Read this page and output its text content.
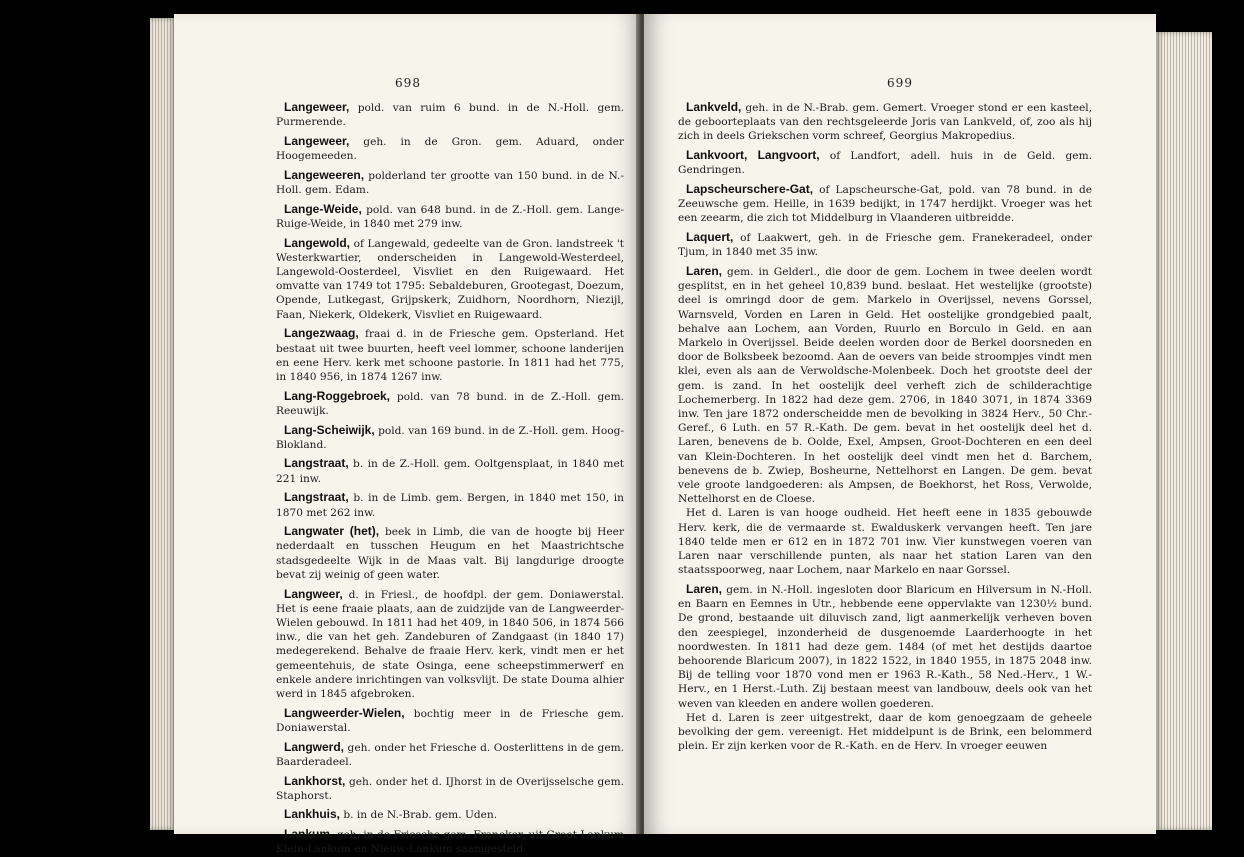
698

Langeweer, pold. van ruim 6 bund. in de N.-Holl. gem. Purmerende.

Langeweer, geh. in de Gron. gem. Aduard, onder Hoogemeeden.

Langeweeren, polderland ter grootte van 150 bund. in de N.-Holl. gem. Edam.

Lange-Weide, pold. van 648 bund. in de Z.-Holl. gem. Lange-Ruige-Weide, in 1840 met 279 inw.

Langewold, of Langewald, gedeelte van de Gron. landstreek 't Westerkwartier, onderscheiden in Langewold-Westerdeel, Langewold-Oosterdeel, Visvliet en den Ruigewaard. Het omvatte van 1749 tot 1795: Sebaldeburen, Grootegast, Doezum, Opende, Lutkegast, Grijpskerk, Zuidhorn, Noordhorn, Niezijl, Faan, Niekerk, Oldekerk, Visvliet en Ruigewaard.

Langezwaag, fraai d. in de Friesche gem. Opsterland. Het bestaat uit twee buurten, heeft veel lommer, schoone landerijen en eene Herv. kerk met schoone pastorie. In 1811 had het 775, in 1840 956, in 1874 1267 inw.

Lang-Roggebroek, pold. van 78 bund. in de Z.-Holl. gem. Reeuwijk.

Lang-Scheiwijk, pold. van 169 bund. in de Z.-Holl. gem. Hoog-Blokland.

Langstraat, b. in de Z.-Holl. gem. Ooltgensplaat, in 1840 met 221 inw.

Langstraat, b. in de Limb. gem. Bergen, in 1840 met 150, in 1870 met 262 inw.

Langwater (het), beek in Limb, die van de hoogte bij Heer nederdaalt en tusschen Heugum en het Maastrichtsche stadsgedeelte Wijk in de Maas valt. Bij langdurige droogte bevat zij weinig of geen water.

Langweer, d. in Friesl., de hoofdpl. der gem. Doniawerstal. Het is eene fraaie plaats, aan de zuidzijde van de Langweerder-Wielen gebouwd. In 1811 had het 409, in 1840 506, in 1874 566 inw., die van het geh. Zandeburen of Zandgaast (in 1840 17) medegerekend. Behalve de fraaie Herv. kerk, vindt men er het gemeentehuis, de state Osinga, eene scheepstimmerwerf en enkele andere inrichtingen van volksvlijt. De state Douma alhier werd in 1845 afgebroken.

Langweerder-Wielen, bochtig meer in de Friesche gem. Doniawerstal.

Langwerd, geh. onder het Friesche d. Oosterlittens in de gem. Baarderadeel.

Lankhorst, geh. onder het d. IJhorst in de Overijsselsche gem. Staphorst.

Lankhuis, b. in de N.-Brab. gem. Uden.

Lankum, geh. in de Friesche gem. Franeker, uit Groot-Lankum Klein-Lankum en Nieuw-Lankum saamgesteld.

699

Lankveld, geh. in de N.-Brab. gem. Gemert. Vroeger stond er een kasteel, de geboorteplaats van den rechtsgeleerde Joris van Lankveld, of, zoo als hij zich in deels Griekschen vorm schreef, Georgius Makropedius.

Lankvoort, Langvoort, of Landfort, adell. huis in de Geld. gem. Gendringen.

Lapscheurscheгe-Gat, of Lapscheursche-Gat, pold. van 78 bund. in de Zeeuwsche gem. Heille, in 1639 bedijkt, in 1747 herdijkt. Vroeger was het een zeearm, die zich tot Middelburg in Vlaanderen uitbreidde.

Laquert, of Laakwert, geh. in de Friesche gem. Franekeradeel, onder Tjum, in 1840 met 35 inw.

Laren, gem. in Gelderl., die door de gem. Lochem in twee deelen wordt gesplitst, en in het geheel 10,839 bund. beslaat. Het westelijke (grootste) deel is omringd door de gem. Markelo in Overijssel, nevens Gorssel, Warnsveld, Vorden en Laren in Geld. Het oostelijke grondgebied paalt, behalve aan Lochem, aan Vorden, Ruurlo en Borculo in Geld. en aan Markelo in Overijssel. Beide deelen worden door de Berkel doorsneden en door de Bolksbeek bezoomd. Aan de oevers van beide stroompjes vindt men klei, even als aan de Verwoldsche-Molenbeek. Doch het grootste deel der gem. is zand. In het oostelijk deel verheft zich de schilderachtige Lochemerberg. In 1822 had deze gem. 2706, in 1840 3071, in 1874 3369 inw. Ten jare 1872 onderscheidde men de bevolking in 3824 Herv., 50 Chr.-Geref., 6 Luth. en 57 R.-Kath. De gem. bevat in het oostelijk deel het d. Laren, benevens de b. Oolde, Exel, Ampsen, Groot-Dochteren en een deel van Klein-Dochteren. In het oostelijk deel vindt men het d. Barchem, benevens de b. Zwiep, Bosheurne, Nettelhorst en Langen. De gem. bevat vele groote landgoederen: als Ampsen, de Boekhorst, het Ross, Verwolde, Nettelhorst en de Cloese.

Het d. Laren is van hooge oudheid. Het heeft eene in 1835 gebouwde Herv. kerk, die de vermaarde st. Ewalduskerk vervangen heeft. Ten jare 1840 telde men er 612 en in 1872 701 inw. Vier kunstwegen voeren van Laren naar verschillende punten, als naar het station Laren van den staatsspoorweg, naar Lochem, naar Markelo en naar Gorssel.

Laren, gem. in N.-Holl. ingesloten door Blaricum en Hilversum in N.-Holl. en Baarn en Eemnes in Utr., hebbende eene oppervlakte van 1230½ bund. De grond, bestaande uit diluvisch zand, ligt aanmerkelijk verheven boven den zeespiegel, inzonderheid de dusgenoemde Laarderhoogte in het noordwesten. In 1811 had deze gem. 1484 (of met het destijds daartoe behoorende Blaricum 2007), in 1822 1522, in 1840 1955, in 1875 2048 inw. Bij de telling voor 1870 vond men er 1963 R.-Kath., 58 Ned.-Herv., 1 W.-Herv., en 1 Herst.-Luth. Zij bestaan meest van landbouw, deels ook van het weven van kleeden en andere wollen goederen.

Het d. Laren is zeer uitgestrekt, daar de kom genoegzaam de geheele bevolking der gem. vereenigt. Het middelpunt is de Brink, een belommerd plein. Er zijn kerken voor de R.-Kath. en de Herv. In vroeger eeuwen
